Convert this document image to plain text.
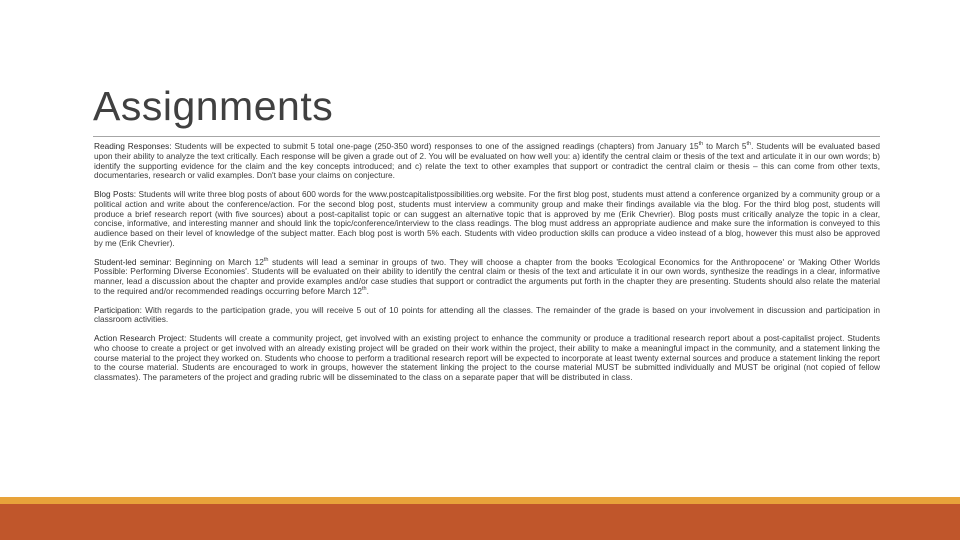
Assignments

Reading Responses: Students will be expected to submit 5 total one-page (250-350 word) responses to one of the assigned readings (chapters) from January 15th to March 5th. Students will be evaluated based upon their ability to analyze the text critically. Each response will be given a grade out of 2. You will be evaluated on how well you: a) identify the central claim or thesis of the text and articulate it in our own words; b) identify the supporting evidence for the claim and the key concepts introduced; and c) relate the text to other examples that support or contradict the central claim or thesis – this can come from other texts, documentaries, research or valid examples. Don't base your claims on conjecture.

Blog Posts: Students will write three blog posts of about 600 words for the www.postcapitalistpossibilities.org website. For the first blog post, students must attend a conference organized by a community group or a political action and write about the conference/action. For the second blog post, students must interview a community group and make their findings available via the blog. For the third blog post, students will produce a brief research report (with five sources) about a post-capitalist topic or can suggest an alternative topic that is approved by me (Erik Chevrier). Blog posts must critically analyze the topic in a clear, concise, informative, and interesting manner and should link the topic/conference/interview to the class readings. The blog must address an appropriate audience and make sure the information is conveyed to this audience based on their level of knowledge of the subject matter. Each blog post is worth 5% each. Students with video production skills can produce a video instead of a blog, however this must also be approved by me (Erik Chevrier).

Student-led seminar: Beginning on March 12th students will lead a seminar in groups of two. They will choose a chapter from the books 'Ecological Economics for the Anthropocene' or 'Making Other Worlds Possible: Performing Diverse Economies'. Students will be evaluated on their ability to identify the central claim or thesis of the text and articulate it in our own words, synthesize the readings in a clear, informative manner, lead a discussion about the chapter and provide examples and/or case studies that support or contradict the arguments put forth in the chapter they are presenting. Students should also relate the material to the required and/or recommended readings occurring before March 12th.

Participation: With regards to the participation grade, you will receive 5 out of 10 points for attending all the classes. The remainder of the grade is based on your involvement in discussion and participation in classroom activities.

Action Research Project: Students will create a community project, get involved with an existing project to enhance the community or produce a traditional research report about a post-capitalist project. Students who choose to create a project or get involved with an already existing project will be graded on their work within the project, their ability to make a meaningful impact in the community, and a statement linking the course material to the project they worked on. Students who choose to perform a traditional research report will be expected to incorporate at least twenty external sources and produce a statement linking the report to the course material. Students are encouraged to work in groups, however the statement linking the project to the course material MUST be submitted individually and MUST be original (not copied of fellow classmates). The parameters of the project and grading rubric will be disseminated to the class on a separate paper that will be distributed in class.
